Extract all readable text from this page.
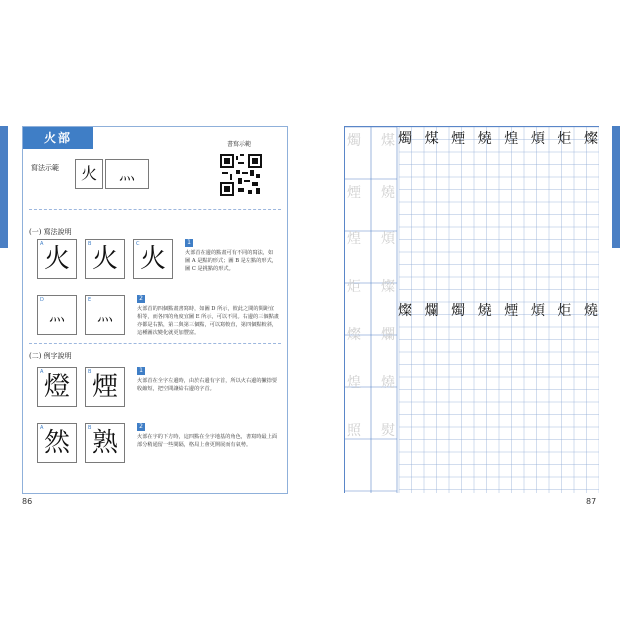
火部
寫法示範	火	灬
書寫示範
(一) 寫法說明
A 火	B 火	C 火
1
火部首在邊的點畫可有不同的寫法，如圖 A 是點的形式；圖 B 是左點的形式，圖 C 是挑點的形式。
D
灬
E
灬
2
火部首的四個點畫書寫時，如圖 D 所示，彼此之間的間距宜相等，而各四的角度宜圖 E 所示，可以不同。右邊的三個點畫亦都是右點，第二與第三個點，可以寫較直，第四個點較斜，這種圖次變化就更加豐富。
(二) 例字說明
A 燈	B 煙
1
火部首在全字左邊時，由於右邊有字首，所以火右邊的撇捺要收縮短，把空間讓給右邊的字首。
A 然	B 熟
2
火部在字的下方時，這四點在全字地基的角色，書寫時最上面部分稍通留一些間隔，格局上會更開展而有氣勢。
86
燭 煤 煙 燒 煌 煩 炬 燦
燦 爛 燭 燒 煙 煩 炬 燒
87
燭 煤
煙 燒
煌 煩
炬 燦
燦 爛
煌 燒
照 熨
